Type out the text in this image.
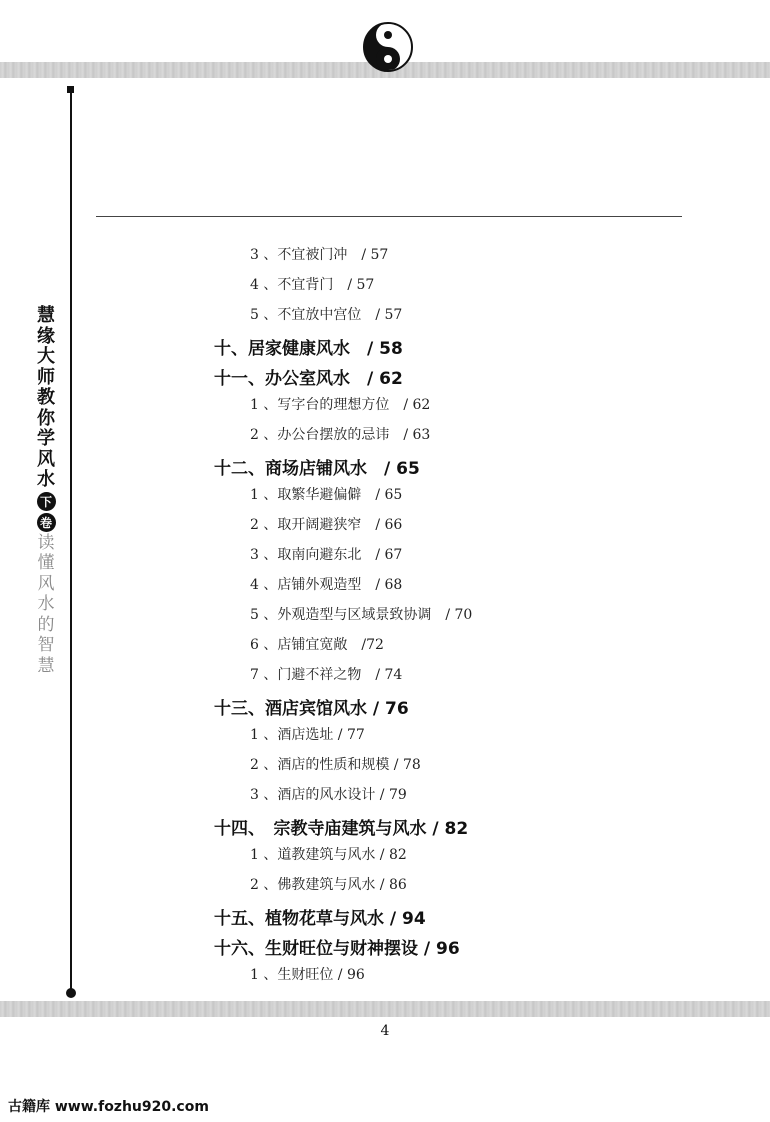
慧
缘
大
师
教
你
学
风
水
下
卷
读
懂
风
水
的
智
慧
3 、不宜被门冲　/ 57
4 、不宜背门　/ 57
5 、不宜放中宫位　/ 57
十、居家健康风水　/ 58
十一、办公室风水　/ 62
1 、写字台的理想方位　/ 62
2 、办公台摆放的忌讳　/ 63
十二、商场店铺风水　/ 65
1 、取繁华避偏僻　/ 65
2 、取开阔避狭窄　/ 66
3 、取南向避东北　/ 67
4 、店铺外观造型　/ 68
5 、外观造型与区域景致协调　/ 70
6 、店铺宜宽敞　/72
7 、门避不祥之物　/ 74
十三、酒店宾馆风水 / 76
1 、酒店选址 / 77
2 、酒店的性质和规模 / 78
3 、酒店的风水设计 / 79
十四、　宗教寺庙建筑与风水 / 82
1 、道教建筑与风水 / 82
2 、佛教建筑与风水 / 86
十五、植物花草与风水 / 94
十六、生财旺位与财神摆设 / 96
1 、生财旺位 / 96
4
古籍库 www.fozhu920.com
